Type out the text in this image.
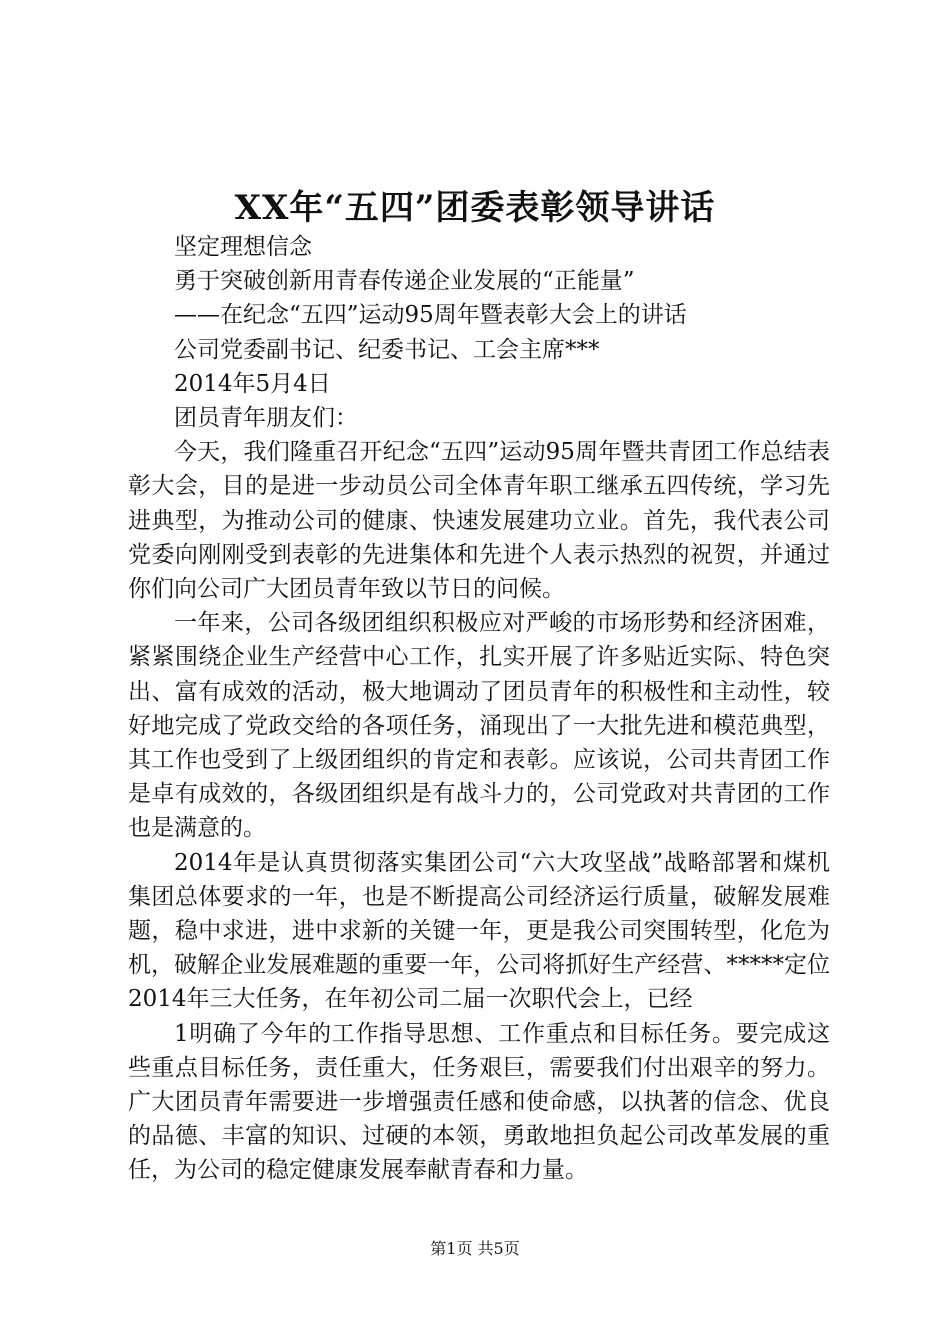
XX年“五四”团委表彰领导讲话

坚定理想信念

勇于突破创新用青春传递企业发展的“正能量”

——在纪念“五四”运动95周年暨表彰大会上的讲话

公司党委副书记、纪委书记、工会主席***

2014年5月4日

团员青年朋友们：

今天，我们隆重召开纪念“五四”运动95周年暨共青团工作总结表彰大会，目的是进一步动员公司全体青年职工继承五四传统，学习先进典型，为推动公司的健康、快速发展建功立业。首先，我代表公司党委向刚刚受到表彰的先进集体和先进个人表示热烈的祝贺，并通过你们向公司广大团员青年致以节日的问候。

一年来，公司各级团组织积极应对严峻的市场形势和经济困难，紧紧围绕企业生产经营中心工作，扎实开展了许多贴近实际、特色突出、富有成效的活动，极大地调动了团员青年的积极性和主动性，较好地完成了党政交给的各项任务，涌现出了一大批先进和模范典型，其工作也受到了上级团组织的肯定和表彰。应该说，公司共青团工作是卓有成效的，各级团组织是有战斗力的，公司党政对共青团的工作也是满意的。

2014年是认真贯彻落实集团公司“六大攻坚战”战略部署和煤机集团总体要求的一年，也是不断提高公司经济运行质量，破解发展难题，稳中求进，进中求新的关键一年，更是我公司突围转型，化危为机，破解企业发展难题的重要一年，公司将抓好生产经营、*****定位2014年三大任务，在年初公司二届一次职代会上，已经

1明确了今年的工作指导思想、工作重点和目标任务。要完成这些重点目标任务，责任重大，任务艰巨，需要我们付出艰辛的努力。广大团员青年需要进一步增强责任感和使命感，以执著的信念、优良的品德、丰富的知识、过硬的本领，勇敢地担负起公司改革发展的重任，为公司的稳定健康发展奉献青春和力量。

第1页 共5页
